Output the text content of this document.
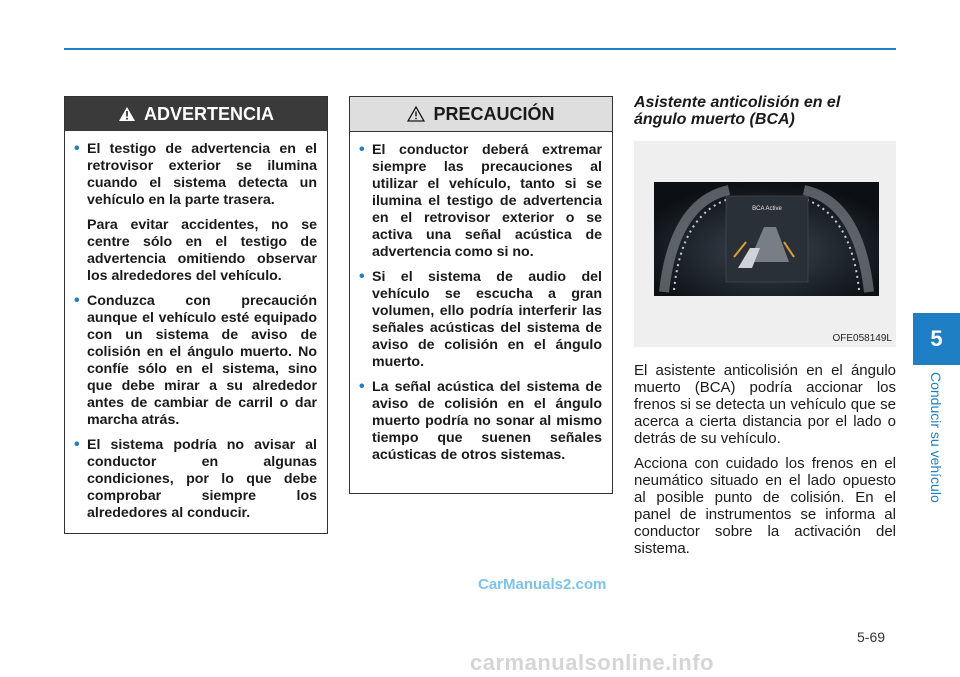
5
Conducir su vehículo
ADVERTENCIA

• El testigo de advertencia en el retrovisor exterior se ilumina cuando el sistema detecta un vehículo en la parte trasera.

Para evitar accidentes, no se centre sólo en el testigo de advertencia omitiendo observar los alrededores del vehículo.

• Conduzca con precaución aunque el vehículo esté equipado con un sistema de aviso de colisión en el ángulo muerto. No confíe sólo en el sistema, sino que debe mirar a su alrededor antes de cambiar de carril o dar marcha atrás.
• El sistema podría no avisar al conductor en algunas condiciones, por lo que debe comprobar siempre los alrededores al conducir.
PRECAUCIÓN
• El conductor deberá extremar siempre las precauciones al utilizar el vehículo, tanto si se ilumina el testigo de advertencia en el retrovisor exterior o se activa una señal acústica de advertencia como si no.
• Si el sistema de audio del vehículo se escucha a gran volumen, ello podría interferir las señales acústicas del sistema de aviso de colisión en el ángulo muerto.
• La señal acústica del sistema de aviso de colisión en el ángulo muerto podría no sonar al mismo tiempo que suenen señales acústicas de otros sistemas.
Asistente anticolisión en el ángulo muerto (BCA)
BCA Active
OFE058149L

El asistente anticolisión en el ángulo muerto (BCA) podría accionar los frenos si se detecta un vehículo que se acerca a cierta distancia por el lado o detrás de su vehículo.

Acciona con cuidado los frenos en el neumático situado en el lado opuesto al posible punto de colisión. En el panel de instrumentos se informa al conductor sobre la activación del sistema.

CarManuals2.com
5-69
carmanualsonline.info
